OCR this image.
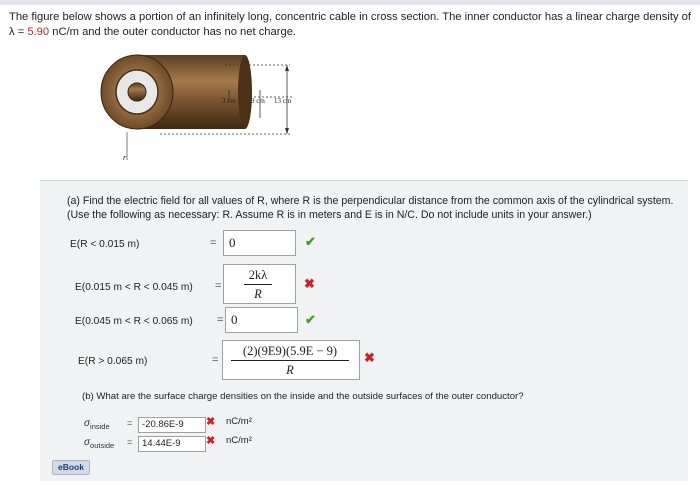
The figure below shows a portion of an infinitely long, concentric cable in cross section. The inner conductor has a linear charge density of λ = 5.90 nC/m and the outer conductor has no net charge.
3 cm 9 cm 13 cm
r
(a) Find the electric field for all values of R, where R is the perpendicular distance from the common axis of the cylindrical system. (Use the following as necessary: R. Assume R is in meters and E is in N/C. Do not include units in your answer.)
E(R < 0.015 m)	= 0	✔
E(0.015 m < R < 0.045 m) =
2kλ
R
✖
E(0.045 m < R < 0.065 m) = 0	✔
E(R > 0.065 m)	=
(2)(9E9)(5.9E − 9)
R
✖
(b) What are the surface charge densities on the inside and the outside surfaces of the outer conductor?
$\sigma_{inside}$ =	-20.86E-9	✖ nC/m²
$\sigma_{outside}$ =	14.44E-9	✖ nC/m²
eBook
